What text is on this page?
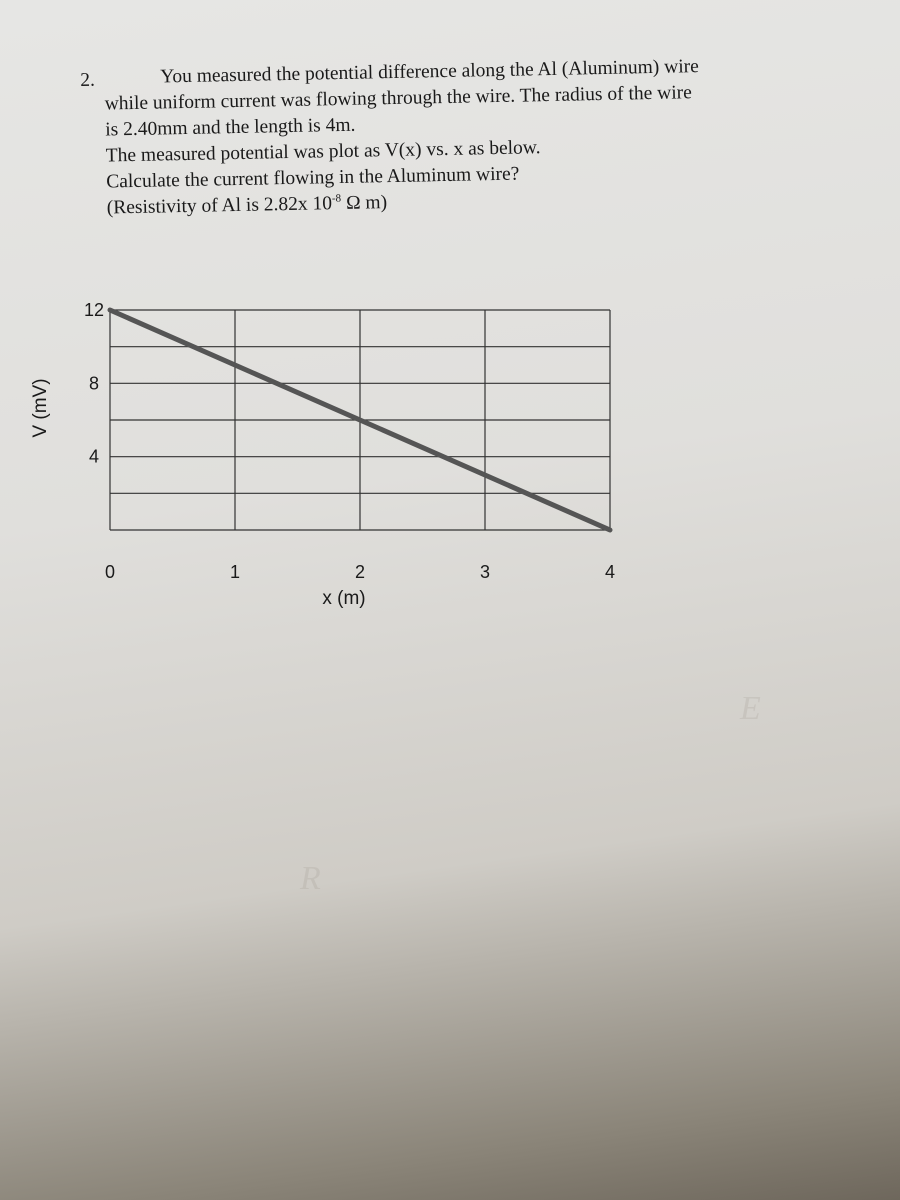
2.	You measured the potential difference along the Al (Aluminum) wire
while uniform current was flowing through the wire. The radius of the wire
is 2.40mm and the length is 4m.
The measured potential was plot as V(x) vs. x as below.
Calculate the current flowing in the Aluminum wire?
(Resistivity of Al is 2.82x $10^{-8}$ Ω m)
0	1	2	3	4
12
8
4
x (m)
V (mV)
R
E
